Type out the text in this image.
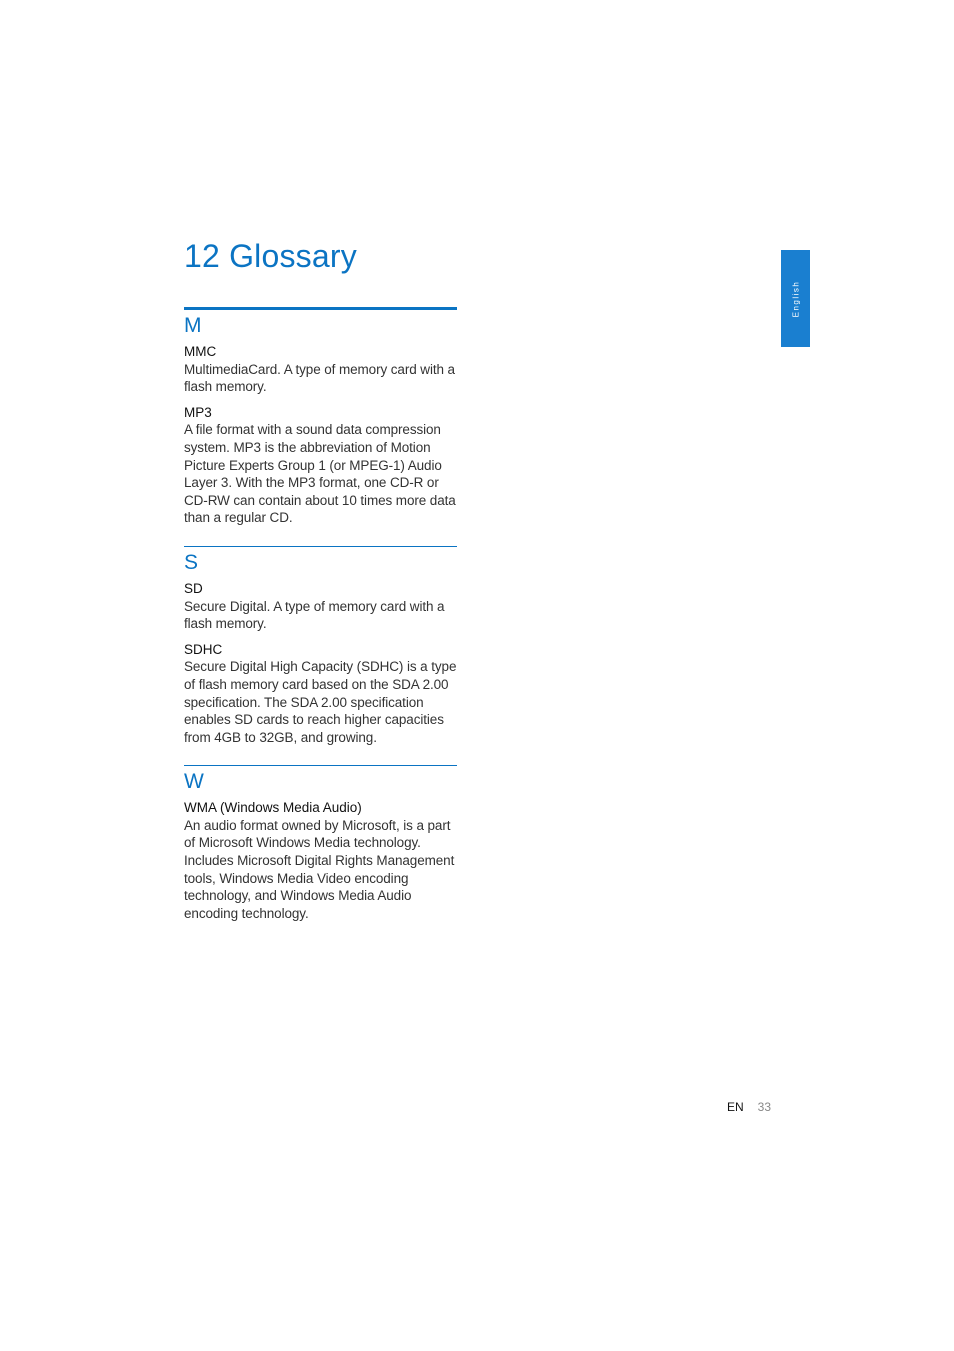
12 Glossary
English
M
MMC
MultimediaCard. A type of memory card with a flash memory.
MP3
A file format with a sound data compression system. MP3 is the abbreviation of Motion Picture Experts Group 1 (or MPEG-1) Audio Layer 3. With the MP3 format, one CD-R or CD-RW can contain about 10 times more data than a regular CD.
S
SD
Secure Digital. A type of memory card with a flash memory.
SDHC
Secure Digital High Capacity (SDHC) is a type of flash memory card based on the SDA 2.00 specification. The SDA 2.00 specification enables SD cards to reach higher capacities from 4GB to 32GB, and growing.
W
WMA (Windows Media Audio)
An audio format owned by Microsoft, is a part of Microsoft Windows Media technology. Includes Microsoft Digital Rights Management tools, Windows Media Video encoding technology, and Windows Media Audio encoding technology.
EN 33
